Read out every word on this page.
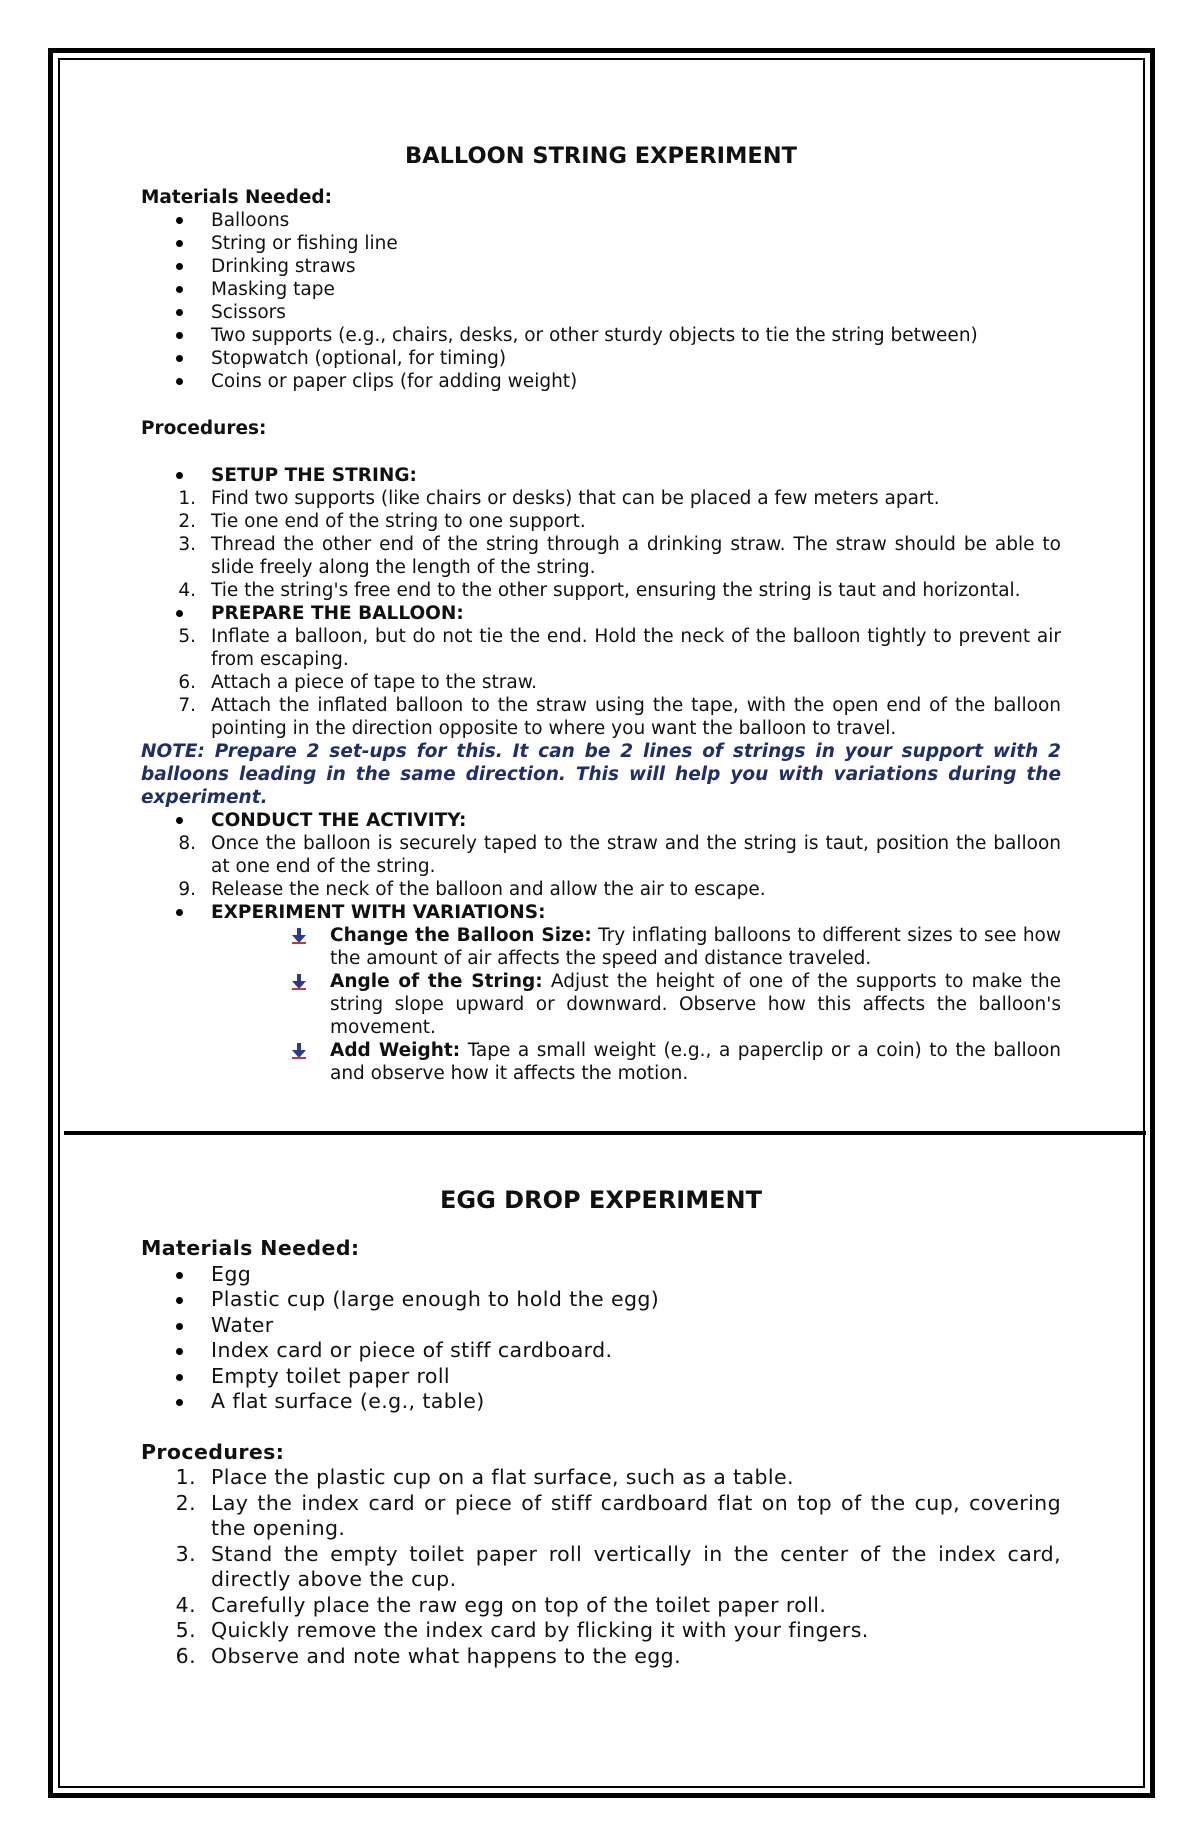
BALLOON STRING EXPERIMENT
Materials Needed:
Balloons
String or fishing line
Drinking straws
Masking tape
Scissors
Two supports (e.g., chairs, desks, or other sturdy objects to tie the string between)
Stopwatch (optional, for timing)
Coins or paper clips (for adding weight)
Procedures:
SETUP THE STRING:
1. Find two supports (like chairs or desks) that can be placed a few meters apart.
2. Tie one end of the string to one support.
3. Thread the other end of the string through a drinking straw. The straw should be able to slide freely along the length of the string.
4. Tie the string's free end to the other support, ensuring the string is taut and horizontal.
PREPARE THE BALLOON:
5. Inflate a balloon, but do not tie the end. Hold the neck of the balloon tightly to prevent air from escaping.
6. Attach a piece of tape to the straw.
7. Attach the inflated balloon to the straw using the tape, with the open end of the balloon pointing in the direction opposite to where you want the balloon to travel.
NOTE: Prepare 2 set-ups for this. It can be 2 lines of strings in your support with 2 balloons leading in the same direction. This will help you with variations during the experiment.
CONDUCT THE ACTIVITY:
8. Once the balloon is securely taped to the straw and the string is taut, position the balloon at one end of the string.
9. Release the neck of the balloon and allow the air to escape.
EXPERIMENT WITH VARIATIONS:
Change the Balloon Size: Try inflating balloons to different sizes to see how the amount of air affects the speed and distance traveled.
Angle of the String: Adjust the height of one of the supports to make the string slope upward or downward. Observe how this affects the balloon's movement.
Add Weight: Tape a small weight (e.g., a paperclip or a coin) to the balloon and observe how it affects the motion.
EGG DROP EXPERIMENT
Materials Needed:
Egg
Plastic cup (large enough to hold the egg)
Water
Index card or piece of stiff cardboard.
Empty toilet paper roll
A flat surface (e.g., table)
Procedures:
1. Place the plastic cup on a flat surface, such as a table.
2. Lay the index card or piece of stiff cardboard flat on top of the cup, covering the opening.
3. Stand the empty toilet paper roll vertically in the center of the index card, directly above the cup.
4. Carefully place the raw egg on top of the toilet paper roll.
5. Quickly remove the index card by flicking it with your fingers.
6. Observe and note what happens to the egg.
